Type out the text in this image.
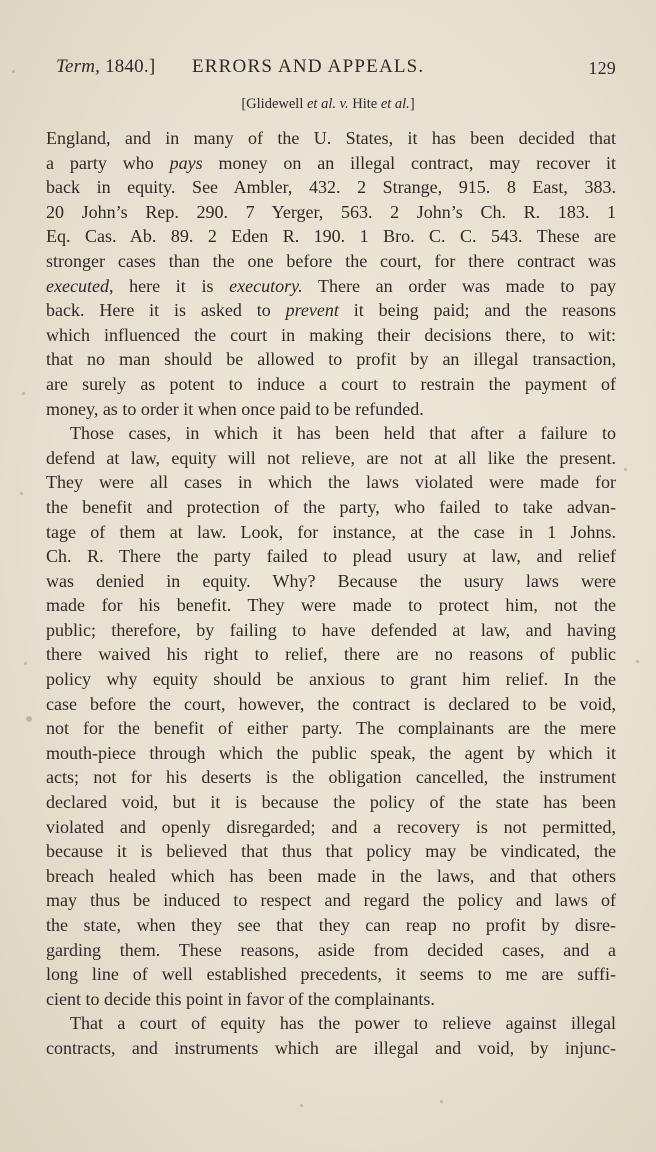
Term, 1840.] ERRORS AND APPEALS.	129
[Glidewell et al. v. Hite et al.]
England, and in many of the U. States, it has been decided that
a party who pays money on an illegal contract, may recover it
back in equity. See Ambler, 432. 2 Strange, 915. 8 East, 383.
20 John’s Rep. 290. 7 Yerger, 563. 2 John’s Ch. R. 183. 1
Eq. Cas. Ab. 89. 2 Eden R. 190. 1 Bro. C. C. 543. These are
stronger cases than the one before the court, for there contract was
executed, here it is executory. There an order was made to pay
back. Here it is asked to prevent it being paid; and the reasons
which influenced the court in making their decisions there, to wit:
that no man should be allowed to profit by an illegal transaction,
are surely as potent to induce a court to restrain the payment of
money, as to order it when once paid to be refunded.
Those cases, in which it has been held that after a failure to
defend at law, equity will not relieve, are not at all like the present.
They were all cases in which the laws violated were made for
the benefit and protection of the party, who failed to take advan-
tage of them at law. Look, for instance, at the case in 1 Johns.
Ch. R. There the party failed to plead usury at law, and relief
was denied in equity. Why? Because the usury laws were
made for his benefit. They were made to protect him, not the
public; therefore, by failing to have defended at law, and having
there waived his right to relief, there are no reasons of public
policy why equity should be anxious to grant him relief. In the
case before the court, however, the contract is declared to be void,
not for the benefit of either party. The complainants are the mere
mouth-piece through which the public speak, the agent by which it
acts; not for his deserts is the obligation cancelled, the instrument
declared void, but it is because the policy of the state has been
violated and openly disregarded; and a recovery is not permitted,
because it is believed that thus that policy may be vindicated, the
breach healed which has been made in the laws, and that others
may thus be induced to respect and regard the policy and laws of
the state, when they see that they can reap no profit by disre-
garding them. These reasons, aside from decided cases, and a
long line of well established precedents, it seems to me are suffi-
cient to decide this point in favor of the complainants.
That a court of equity has the power to relieve against illegal
contracts, and instruments which are illegal and void, by injunc-
